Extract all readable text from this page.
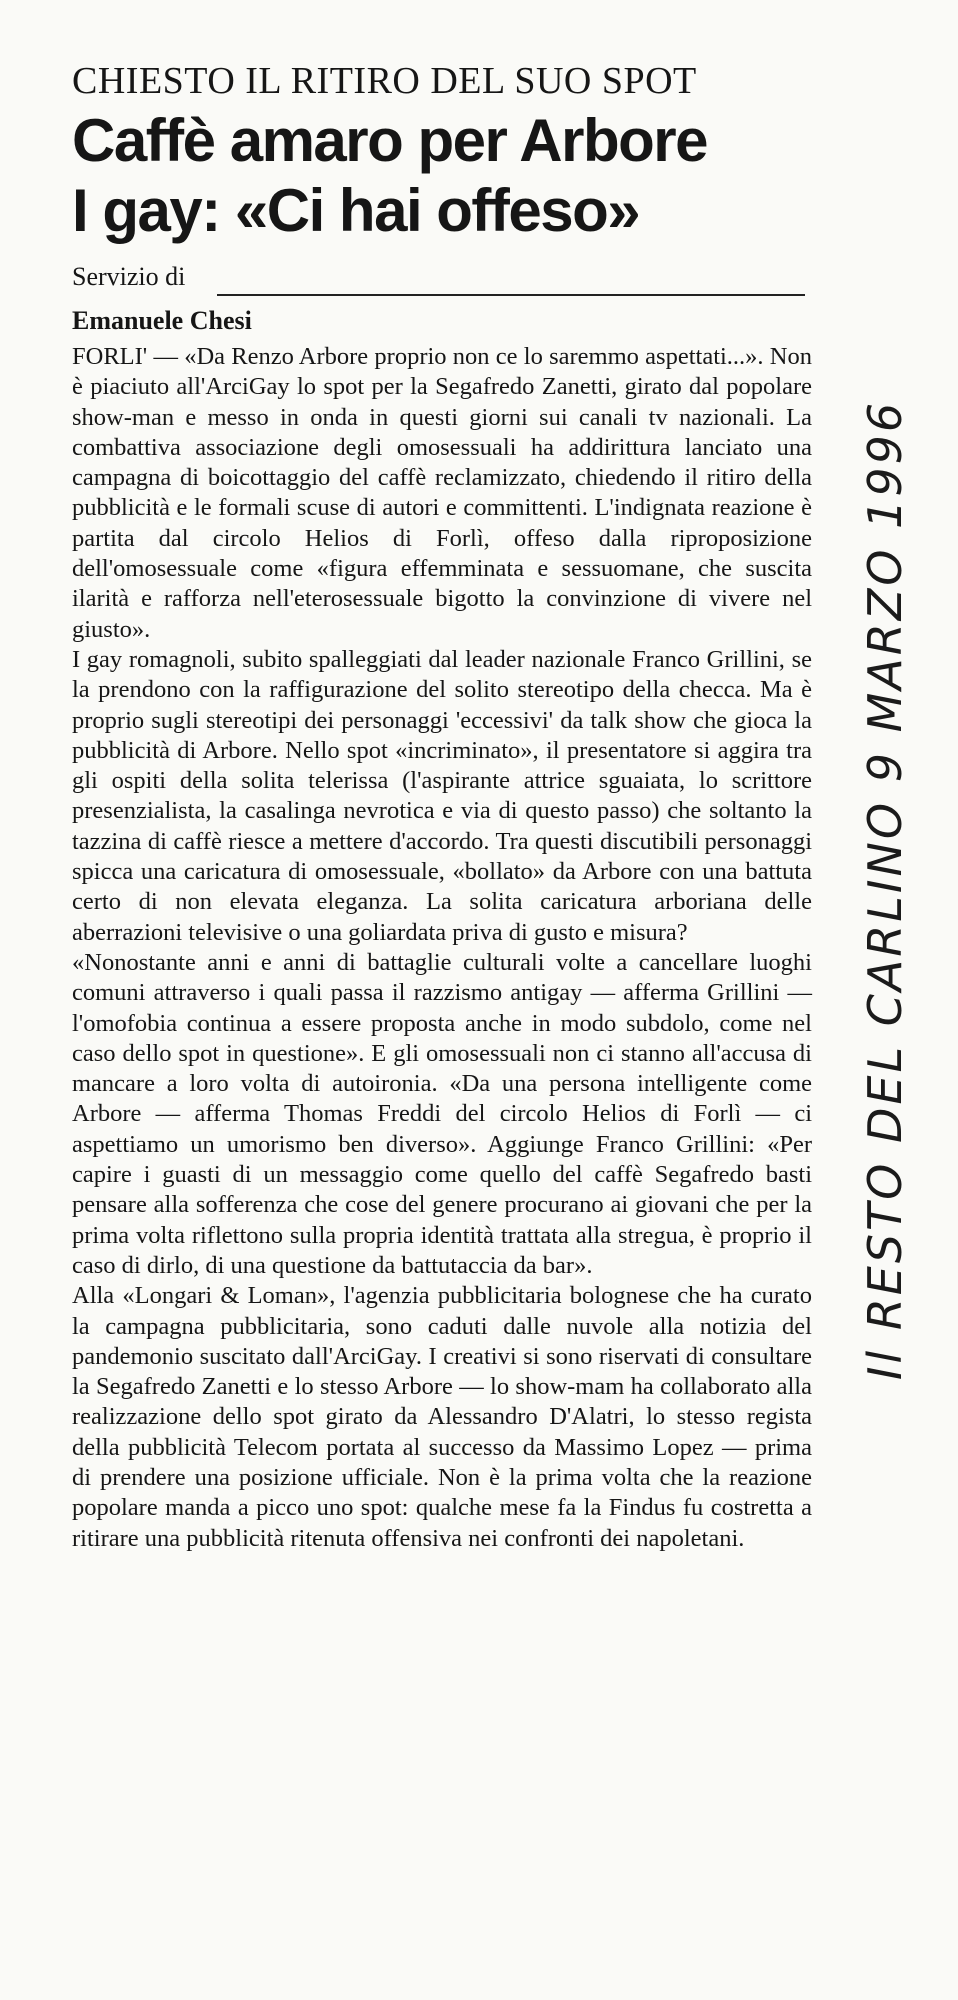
CHIESTO IL RITIRO DEL SUO SPOT
Caffè amaro per Arbore
I gay: «Ci hai offeso»
Servizio di
Emanuele Chesi

FORLI' — «Da Renzo Arbore proprio non ce lo saremmo aspettati...». Non è piaciuto all'ArciGay lo spot per la Segafredo Zanetti, girato dal popolare show-man e messo in onda in questi giorni sui canali tv nazionali. La combattiva associazione degli omosessuali ha addirittura lanciato una campagna di boicottaggio del caffè reclamizzato, chiedendo il ritiro della pubblicità e le formali scuse di autori e committenti. L'indignata reazione è partita dal circolo Helios di Forlì, offeso dalla riproposizione dell'omosessuale come «figura effemminata e sessuomane, che suscita ilarità e rafforza nell'eterosessuale bigotto la convinzione di vivere nel giusto».

I gay romagnoli, subito spalleggiati dal leader nazionale Franco Grillini, se la prendono con la raffigurazione del solito stereotipo della checca. Ma è proprio sugli stereotipi dei personaggi 'eccessivi' da talk show che gioca la pubblicità di Arbore. Nello spot «incriminato», il presentatore si aggira tra gli ospiti della solita telerissa (l'aspirante attrice sguaiata, lo scrittore presenzialista, la casalinga nevrotica e via di questo passo) che soltanto la tazzina di caffè riesce a mettere d'accordo. Tra questi discutibili personaggi spicca una caricatura di omosessuale, «bollato» da Arbore con una battuta certo di non elevata eleganza. La solita caricatura arboriana delle aberrazioni televisive o una goliardata priva di gusto e misura?

«Nonostante anni e anni di battaglie culturali volte a cancellare luoghi comuni attraverso i quali passa il razzismo antigay — afferma Grillini — l'omofobia continua a essere proposta anche in modo subdolo, come nel caso dello spot in questione». E gli omosessuali non ci stanno all'accusa di mancare a loro volta di autoironia. «Da una persona intelligente come Arbore — afferma Thomas Freddi del circolo Helios di Forlì — ci aspettiamo un umorismo ben diverso». Aggiunge Franco Grillini: «Per capire i guasti di un messaggio come quello del caffè Segafredo basti pensare alla sofferenza che cose del genere procurano ai giovani che per la prima volta riflettono sulla propria identità trattata alla stregua, è proprio il caso di dirlo, di una questione da battutaccia da bar».

Alla «Longari & Loman», l'agenzia pubblicitaria bolognese che ha curato la campagna pubblicitaria, sono caduti dalle nuvole alla notizia del pandemonio suscitato dall'ArciGay. I creativi si sono riservati di consultare la Segafredo Zanetti e lo stesso Arbore — lo show-mam ha collaborato alla realizzazione dello spot girato da Alessandro D'Alatri, lo stesso regista della pubblicità Telecom portata al successo da Massimo Lopez — prima di prendere una posizione ufficiale. Non è la prima volta che la reazione popolare manda a picco uno spot: qualche mese fa la Findus fu costretta a ritirare una pubblicità ritenuta offensiva nei confronti dei napoletani.

Il RESTO DEL CARLINO 9 MARZO 1996
